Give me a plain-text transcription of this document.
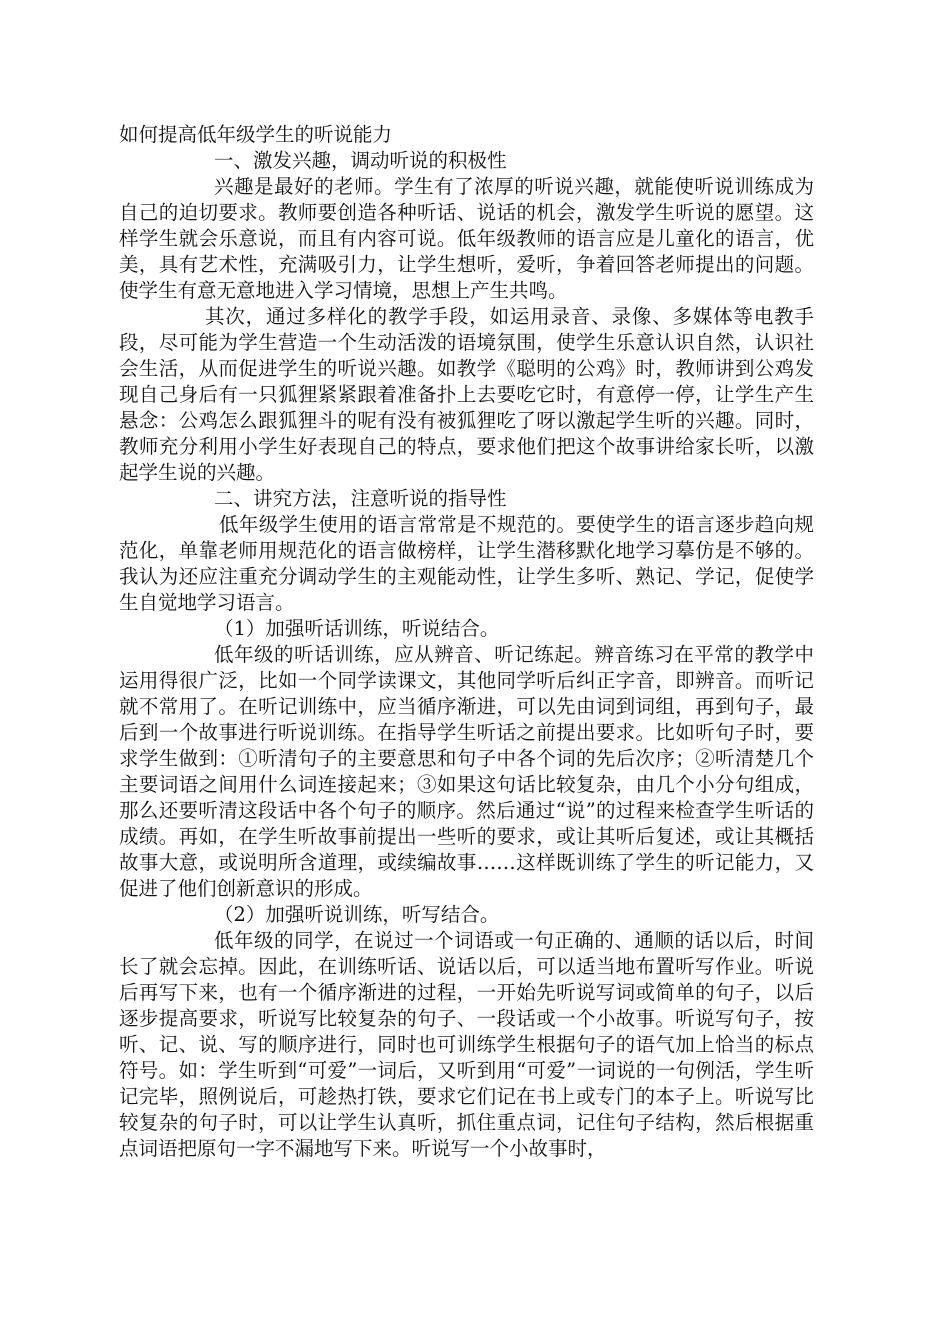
如何提高低年级学生的听说能力

一、激发兴趣，调动听说的积极性

兴趣是最好的老师。学生有了浓厚的听说兴趣，就能使听说训练成为自己的迫切要求。教师要创造各种听话、说话的机会，激发学生听说的愿望。这样学生就会乐意说，而且有内容可说。低年级教师的语言应是儿童化的语言，优美，具有艺术性，充满吸引力，让学生想听，爱听，争着回答老师提出的问题。使学生有意无意地进入学习情境，思想上产生共鸣。

其次，通过多样化的教学手段，如运用录音、录像、多媒体等电教手段，尽可能为学生营造一个生动活泼的语境氛围，使学生乐意认识自然，认识社会生活，从而促进学生的听说兴趣。如教学《聪明的公鸡》时，教师讲到公鸡发现自己身后有一只狐狸紧紧跟着准备扑上去要吃它时，有意停一停，让学生产生悬念：公鸡怎么跟狐狸斗的呢有没有被狐狸吃了呀以激起学生听的兴趣。同时，教师充分利用小学生好表现自己的特点，要求他们把这个故事讲给家长听，以激起学生说的兴趣。

二、讲究方法，注意听说的指导性

低年级学生使用的语言常常是不规范的。要使学生的语言逐步趋向规范化，单靠老师用规范化的语言做榜样，让学生潜移默化地学习摹仿是不够的。我认为还应注重充分调动学生的主观能动性，让学生多听、熟记、学记，促使学生自觉地学习语言。

（1）加强听话训练，听说结合。

低年级的听话训练，应从辨音、听记练起。辨音练习在平常的教学中运用得很广泛，比如一个同学读课文，其他同学听后纠正字音，即辨音。而听记就不常用了。在听记训练中，应当循序渐进，可以先由词到词组，再到句子，最后到一个故事进行听说训练。在指导学生听话之前提出要求。比如听句子时，要求学生做到：①听清句子的主要意思和句子中各个词的先后次序；②听清楚几个主要词语之间用什么词连接起来；③如果这句话比较复杂，由几个小分句组成，那么还要听清这段话中各个句子的顺序。然后通过“说”的过程来检查学生听话的成绩。再如，在学生听故事前提出一些听的要求，或让其听后复述，或让其概括故事大意，或说明所含道理，或续编故事……这样既训练了学生的听记能力，又促进了他们创新意识的形成。

（2）加强听说训练，听写结合。

低年级的同学，在说过一个词语或一句正确的、通顺的话以后，时间长了就会忘掉。因此，在训练听话、说话以后，可以适当地布置听写作业。听说后再写下来，也有一个循序渐进的过程，一开始先听说写词或简单的句子，以后逐步提高要求，听说写比较复杂的句子、一段话或一个小故事。听说写句子，按听、记、说、写的顺序进行，同时也可训练学生根据句子的语气加上恰当的标点符号。如：学生听到“可爱”一词后，又听到用“可爱”一词说的一句例活，学生听记完毕，照例说后，可趁热打铁，要求它们记在书上或专门的本子上。听说写比较复杂的句子时，可以让学生认真听，抓住重点词，记住句子结构，然后根据重点词语把原句一字不漏地写下来。听说写一个小故事时，
